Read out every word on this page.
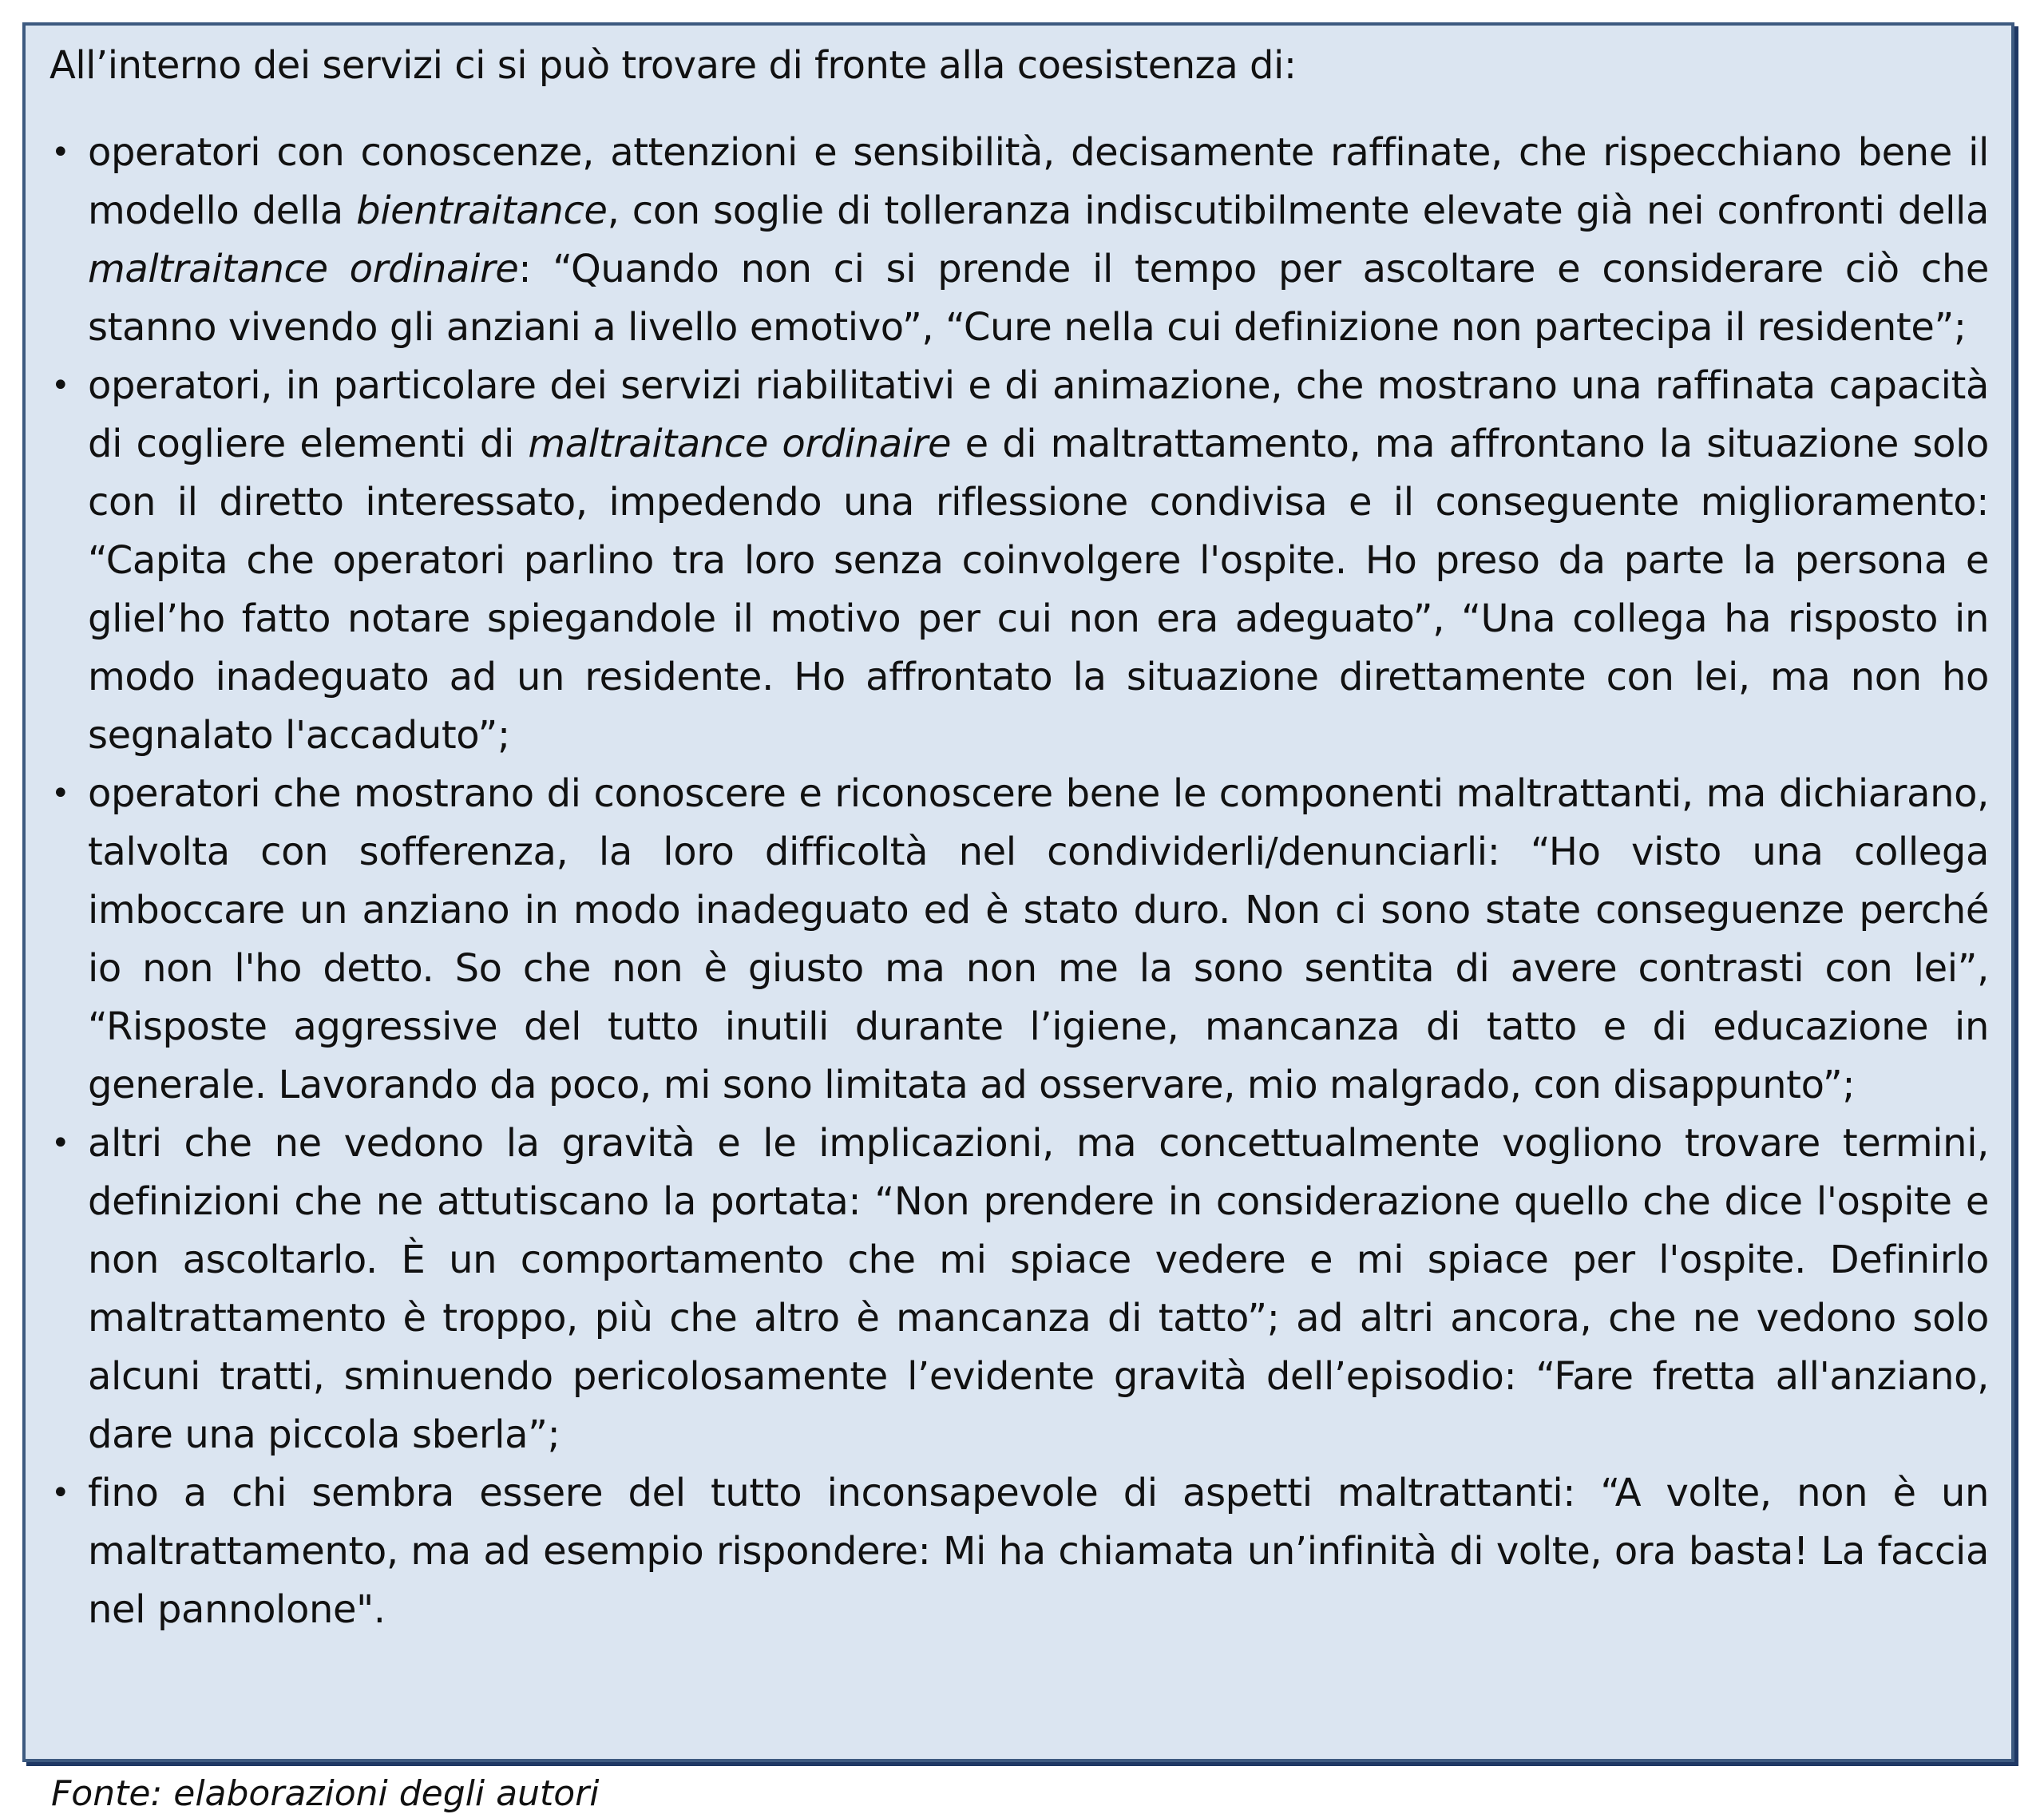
All’interno dei servizi ci si può trovare di fronte alla coesistenza di:

• operatori con conoscenze, attenzioni e sensibilità, decisamente raffinate, che rispecchiano bene il modello della bientraitance, con soglie di tolleranza indiscutibilmente elevate già nei confronti della maltraitance ordinaire: “Quando non ci si prende il tempo per ascoltare e considerare ciò che stanno vivendo gli anziani a livello emotivo”, “Cure nella cui definizione non partecipa il residente”;
• operatori, in particolare dei servizi riabilitativi e di animazione, che mostrano una raffinata capacità di cogliere elementi di maltraitance ordinaire e di maltrattamento, ma affrontano la situazione solo con il diretto interessato, impedendo una riflessione condivisa e il conseguente miglioramento: “Capita che operatori parlino tra loro senza coinvolgere l'ospite. Ho preso da parte la persona e gliel’ho fatto notare spiegandole il motivo per cui non era adeguato”, “Una collega ha risposto in modo inadeguato ad un residente. Ho affrontato la situazione direttamente con lei, ma non ho segnalato l'accaduto”;
• operatori che mostrano di conoscere e riconoscere bene le componenti maltrattanti, ma dichiarano, talvolta con sofferenza, la loro difficoltà nel condividerli/denunciarli: “Ho visto una collega imboccare un anziano in modo inadeguato ed è stato duro. Non ci sono state conseguenze perché io non l'ho detto. So che non è giusto ma non me la sono sentita di avere contrasti con lei”, “Risposte aggressive del tutto inutili durante l’igiene, mancanza di tatto e di educazione in generale. Lavorando da poco, mi sono limitata ad osservare, mio malgrado, con disappunto”;
• altri che ne vedono la gravità e le implicazioni, ma concettualmente vogliono trovare termini, definizioni che ne attutiscano la portata: “Non prendere in considerazione quello che dice l'ospite e non ascoltarlo. È un comportamento che mi spiace vedere e mi spiace per l'ospite. Definirlo maltrattamento è troppo, più che altro è mancanza di tatto”; ad altri ancora, che ne vedono solo alcuni tratti, sminuendo pericolosamente l’evidente gravità dell’episodio: “Fare fretta all'anziano, dare una piccola sberla”;
• fino a chi sembra essere del tutto inconsapevole di aspetti maltrattanti: “A volte, non è un maltrattamento, ma ad esempio rispondere: Mi ha chiamata un’infinità di volte, ora basta! La faccia nel pannolone".
Fonte: elaborazioni degli autori
